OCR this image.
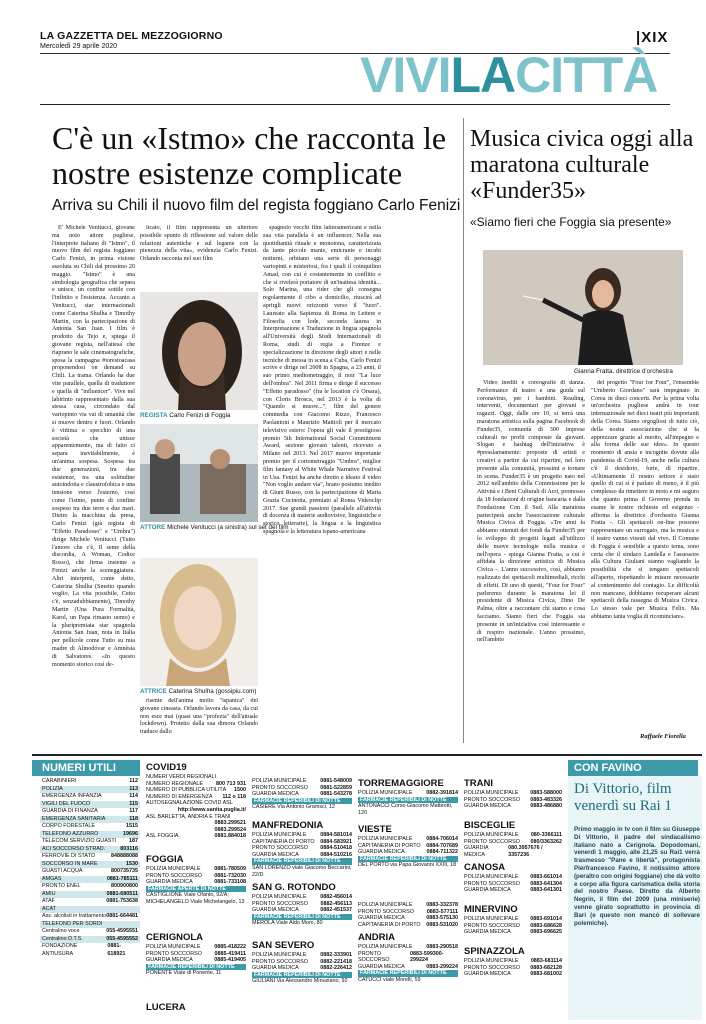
LA GAZZETTA DEL MEZZOGIORNO
Mercoledì 29 aprile 2020
|XIX
VIVILACITTÀ
C'è un «Istmo» che racconta le nostre esistenze complicate
Arriva su Chili il nuovo film del regista foggiano Carlo Fenizi

E' Michele Venitucci, giovane ma noto attore pugliese, l'interprete italiano di "Istmo", il nuovo film del regista foggiano Carlo Fenizi, in prima visione assoluta su Chili dal prossimo 20 maggio. "Istmo" è una simbologia geografica che separa e unisce, un confine sottile con l'infinito e l'esistenza. Accanto a Venitucci, star internazionali come Caterina Shulha e Timothy Martin, con la partecipazione di Antonia San Juan. I film è prodotto da Tejo e, spiega il giovane regista, nell'attesa che riaprano le sale cinematografiche, sposa la campagna #iorestoacasa proponendosi on demand su Chili. La trama. Orlando ha due vite parallele, quella di traduttore e quella di "influencer". Vive nel labirinto rappresentato dalla sua stessa casa, circondato dal variopinto via vai di umanità che si muove dentro e fuori. Orlando è vittima e specchio di una società che unisce apparentemente, ma di fatto ci separa inevitabilmente, è un'anima sospesa. Sospesa tra due generazioni, tra due esistenze, tra una solitudine autoindotta e claustrofobica e una tensione verso l'esterno, così come l'istmo, punto di confine sospeso tra due terre e due mari. Dietro la macchina da presa, Carlo Fenizi (già regista di "Effetto Paradosso" e "Umbra") dirige Michele Venitucci (Tutto l'amore che c'è, Il seme della discordia, A Woman, Codice Rosso), che firma insieme a Fenizi anche la sceneggiatura. Altri interpreti, come detto, Caterina Shulha (Smetto quando voglio, La vita possibile, Cetto c'è, senzadubbiamente), Timothy Martin (Una Pura Formalità, Karol, un Papa rimasto uomo) e la pluripremiata star spagnola Antonia San Juan, nota in Italia per pellicole come Tutto su mia madre di Almodóvar e Amnèsia di Salvatores. «In questo momento storico così de-

licato, il film rappresenta un ulteriore possibile spunto di riflessione sul valore delle relazioni autentiche e sul legame con la pienezza della vita», evidenzia Carlo Fenizi. Orlando racconta nel suo film

risente dell'anima molto "ispanica" del giovane cineasta. Orlando lavora da casa, da cui non esce mai (quasi una "profezia" dell'attuale lockdown). Protetto dalla sua dimora Orlando traduce dallo

spagnolo vecchi film latinoamericani e nella sua vita parallela è un influencer. Nella sua quotidianità rituale e monotona, caratterizzata da tante piccole manie, emicranie e incubi notturni, orbitano una serie di personaggi variopinti e misteriosi, fra i quali il coinquilino Amad, con cui è costantemente in conflitto e che si rivelerà portatore di un'inattesa identità... Solo Marina, una rider che gli consegna regolarmente il cibo a domicilio, riuscirà ad aprirgli nuovi orizzonti verso il "fuori". Laureato alla Sapienza di Roma in Lettere e Filosofia con lode, seconda laurea in Interpretazione e Traduzione in lingua spagnola all'Università degli Studi Internazionali di Roma, studi di regia a Firenze e specializzazione in direzione degli attori e nelle tecniche di messa in scena a Cuba, Carlo Fenizi scrive e dirige nel 2008 in Spagna, a 23 anni, il suo primo mediometraggio, il noir "La luce dell'ombra". Nel 2011 firma e dirige il successo "Effetto paradosso" (fra le location c'è Orsara), con Cloris Brosca, nel 2013 è la volta di "Quando si muore...", film del genere commedia con Giacomo Rizzo, Francesco Paolantoni e Maurizio Mattioli per il mercato televisivo estero: l'opera gli vale il prestigioso premio 5th International Social Commitment Award, sezione giovani talenti, ricevuto a Milano nel 2013. Nel 2017 muove importante premio per il cortometraggio "Umbra", miglior film fantasy al White Whale Narrative Festival in Usa. Fenizi ha anche diretto e ideato il video "Non voglio andare via", brano postumo inedito di Giuni Russo, con la partecipazione di Maria Grazia Cucinotta, premiato al Roma Videoclip 2017. Sue grandi passioni (parallele all'attività di docenza di materie audiovisive, linguistiche e storico letterarie), la lingua e la linguistica spagnola e la letteratura ispano-americana

REGISTA Carlo Fenizi di Foggia
ATTORE Michele Venitucci (a sinistra) sul set del film
ATTRICE Caterina Shulha (gossipiu.com)
Musica civica oggi alla maratona culturale «Funder35»
«Siamo fieri che Foggia sia presente»
Gianna Fratta, direttrice d'orchestra

Video inediti e coreografie di danza. Performance di teatro e una guida sul coronavirus, per i bambini. Reading, interventi, documentari per giovani e ragazzi. Oggi, dalle ore 10, si terrà una maratona artistica sulla pagina Facebook di Funder35, comunità di 300 imprese culturali no profit composte da giovani. Slogan e hashtag dell'iniziativa è #presslamamente: proposte di artisti e creativi a partire da cui ripartire, nel loro presente alla comunità, prossimi a tornare in scena. Funder35 è un progetto nato nel 2012 nell'ambito della Commissione per le Attività e i Beni Culturali di Acri, promosso da 18 fondazioni di origine bancaria e dalla Fondazione Con il Sud. Alla maratona parteciperà anche l'associazione culturale Musica Civica di Foggia. «Tre anni fa abbiamo ottenuti dei fondi da Funder35 per lo sviluppo di progetti legati all'utilizzo delle nuove tecnologie nella musica e nell'opera - spiega Gianna Fratta, a cui è affidata la direzione artistica di Musica Civica -. L'anno successivo, così, abbiamo realizzato dei spettacoli multimediali, ricchi di effetti. Di uno di questi, "Four for Four" parleremo durante la maratona lei il presidente di Musica Civica, Dino De Palma, oltre a raccontare chi siamo e cosa facciamo. Siamo fieri che Foggia sia presente in un'iniziativa così interessante e di respiro nazionale. L'anno prossimo, nell'ambito

del progetto "Four for Four", l'ensemble "Umberto Giordano" sarà impegnato in Corea in dieci concerti. Per la prima volta un'orchestra pugliese andrà in tour internazionale nei dieci teatri più importanti della Corea. Siamo orgogliosi di tutto ciò, della nostra associazione che si fa apprezzare grazie al merito, all'impegno e alla forma delle sue idee». In questo momento di ansia e incognite dovute alla pandemia di Covid-19, anche nella cultura c'è il desiderio, forte, di ripartire. «Ultimamente il nostro settore è stato quello di cui si è parlato di meno, è il più complesso da rimettere in moto e mi auguro che quanto prima il Governo prenda in esame le nostre richieste ed esigenze - afferma la direttrice d'orchestra Gianna Fratta -. Gli spettacoli on-line possono rappresentare un surrogato, ma la musica e il teatro vanno vissuti dal vivo. Il Comune di Foggia è sensibile a questo tema, sono certa che il sindaco Landella e l'assessore alla Cultura Giuliani stanno vagliando la possibilità che si tengano spettacoli all'aperto, rispettando le misure necessarie al contenimento del contagio. Le difficoltà non mancano, dobbiamo recuperare alcuni spettacoli della rassegna di Musica Civica. Lo stesso vale per Musica Felix. Ma abbiamo tanta voglia di ricominciare».

Raffaele Fiorella
NUMERI UTILI
CARABINIERI	112
POLIZIA	113
EMERGENZA INFANZIA	114
VIGILI DEL FUOCO	115
GUARDIA DI FINANZA	117
EMERGENZA SANITARIA	118
CORPO FORESTALE	1515
TELEFONO AZZURRO	19696
TELECOM SERVIZIO GUASTI 187
ACI SOCCORSO STRAD.	803116
FERROVIE DI STATO	848888088
SOCCORSO IN MARE	1530
GUASTI ACQUA	800735735
AMGAS	0881-785111
PRONTO ENEL	800900800
AMIU	0881-680511
ATAF	0881-753638
ACAT
Ass. alcolisti in trattamento 0881-664481
TELEFONO PER SORDI
Centralino voce	055-4595551
Centralino D.T.S.	055-4595552
FONDAZIONE ANTIUSURA
0881-618921
COVID19
NUMERI VERDI REGIONALI
NUMERO REGIONALE 800 713 931
NUMERO DI PUBBLICA UTILITÀ 1500
NUMERO DI EMERGENZA 112 o 118
AUTOSEGNALAZIONE COVID ASL
http://www.sanita.puglia.it/
ASL BARLETTA, ANDRIA E TRANI
0883.299521
0883.299524
ASL FOGGIA	0881.884018
FOGGIA
POLIZIA MUNICIPALE	0881-780509
PRONTO SOCCORSO 0881-732030
GUARDIA MEDICA	0881-733108
FARMACIE APERTE DI NOTTE
CASTIGLIONE Viale Ofanto, 92/A; MICHELANGELO Viale Michelangelo, 13
CERIGNOLA
POLIZIA MUNICIPALE	0885-418222
PRONTO SOCCORSO 0885-419411
GUARDIA MEDICA	0885-419405
FARMACIE REPERIBILI DI NOTTE
PONENTE Viale di Ponente, 11
LUCERA
POLIZIA MUNICIPALE	0881-548009
PRONTO SOCCORSO 0881-522859
GUARDIA MEDICA	0881-543278
FARMACIE REPERIBILI DI NOTTE
CASIERE Via Antonio Gramsci, 12
MANFREDONIA
POLIZIA MUNICIPALE	0884-581014
CAPITANERIA DI PORTO 0884-583921
PRONTO SOCCORSO 0884-510418
GUARDIA MEDICA	0884-510216
FARMACIE REPERIBILI DI NOTTE
SAN LORENZO viale Giacomo Beccarini, 22/D
SAN G. ROTONDO
POLIZIA MUNICIPALE	0882-456014
PRONTO SOCCORSO 0882-456113
GUARDIA MEDICA	0882-451537
FARMACIE REPERIBILI DI NOTTE
MEROLA Viale Aldo Moro, 80
SAN SEVERO
POLIZIA MUNICIPALE	0882-333901
PRONTO SOCCORSO 0882-221418
GUARDIA MEDICA	0882-226412
FARMACIE REPERIBILI DI NOTTE
GIULIANI Via Alessandro Minuziano, 92
TORREMAGGIORE
POLIZIA MUNICIPALE	0882-391814
FARMACIE REPERIBILI DI NOTTE
ANTONACCI Corso Giacomo Matteotti, 120
VIESTE
POLIZIA MUNICIPALE	0884-706014
CAPITANERIA DI PORTO 0884-707689
GUARDIA MEDICA	0884-711322
FARMACIE REPERIBILI DI NOTTE
DEL PORTO via Papa Giovanni XXIII, 18
POLIZIA MUNICIPALE	0883-332378
PRONTO SOCCORSO 0883-577111
GUARDIA MEDICA	0883-575130
CAPITANERIA DI PORTO 0883-531020
ANDRIA
POLIZIA MUNICIPALE	0883-290518
PRONTO SOCCORSO
0883-599300-299224
GUARDIA MEDICA	0883-299224
FARMACIE REPERIBILI DI NOTTE
CATUCCI viale Morelli, 59
TRANI
POLIZIA MUNICIPALE 0883-588000
PRONTO SOCCORSO 0883-483326
GUARDIA MEDICA	0883-486880
BISCEGLIE
POLIZIA MUNICIPALE 080-3366111
PRONTO SOCCORSO 080/3363262
GUARDIA MEDICA
080.3957676 / 3357236
CANOSA
POLIZIA MUNICIPALE 0883-661014
PRONTO SOCCORSO 0883-641304
GUARDIA MEDICA	0883-641301
MINERVINO
POLIZIA MUNICIPALE 0883-691014
PRONTO SOCCORSO 0883-686628
GUARDIA MEDICA	0883-696625
SPINAZZOLA
POLIZIA MUNICIPALE 0883-681114
PRONTO SOCCORSO 0883-682128
GUARDIA MEDICA	0883-681002
CON FAVINO
Di Vittorio, film venerdì su Rai 1
Primo maggio in tv con il film su Giuseppe Di Vittorio, il padre del sindacalismo italiano nato a Cerignola. Dopodomani, venerdì 1 maggio, alle 21,25 su Rai1 verrà trasmesso "Pane e libertà", protagonista Pierfrancesco Favino, il notissimo attore (peraltro con origini foggiane) che dà volto e corpo alla figura carismatica della storia del nostro Paese. Diretto da Alberto Negrin, il film del 2009 (una miniserie) venne girato soprattutto in provincia di Bari (e questo non mancò di sollevare polemiche).
